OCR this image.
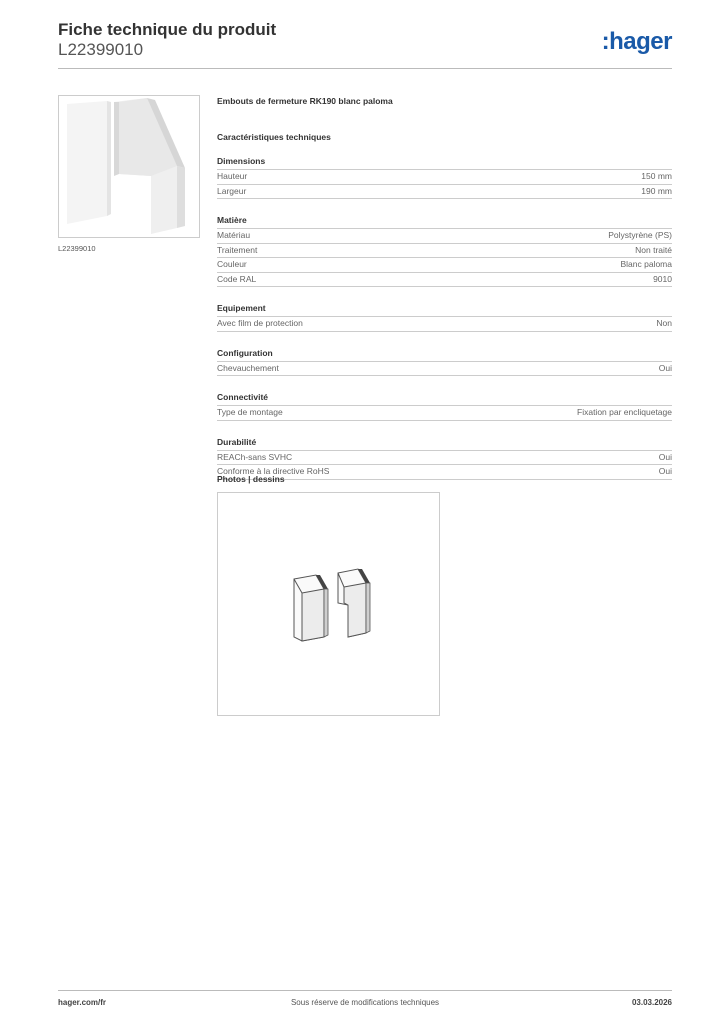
Fiche technique du produit
L22399010	:hager
L22399010
Embouts de fermeture RK190 blanc paloma
Caractéristiques techniques
Dimensions
Hauteur	150 mm
Largeur	190 mm
Matière
Matériau	Polystyrène (PS)
Traitement	Non traité
Couleur	Blanc paloma
Code RAL	9010
Equipement
Avec film de protection	Non
Configuration
Chevauchement	Oui
Connectivité
Type de montage	Fixation par encliquetage
Durabilité
REACh-sans SVHC	Oui
Conforme à la directive RoHS	Oui
Photos | dessins
hager.com/fr	Sous réserve de modifications techniques	03.03.2026
